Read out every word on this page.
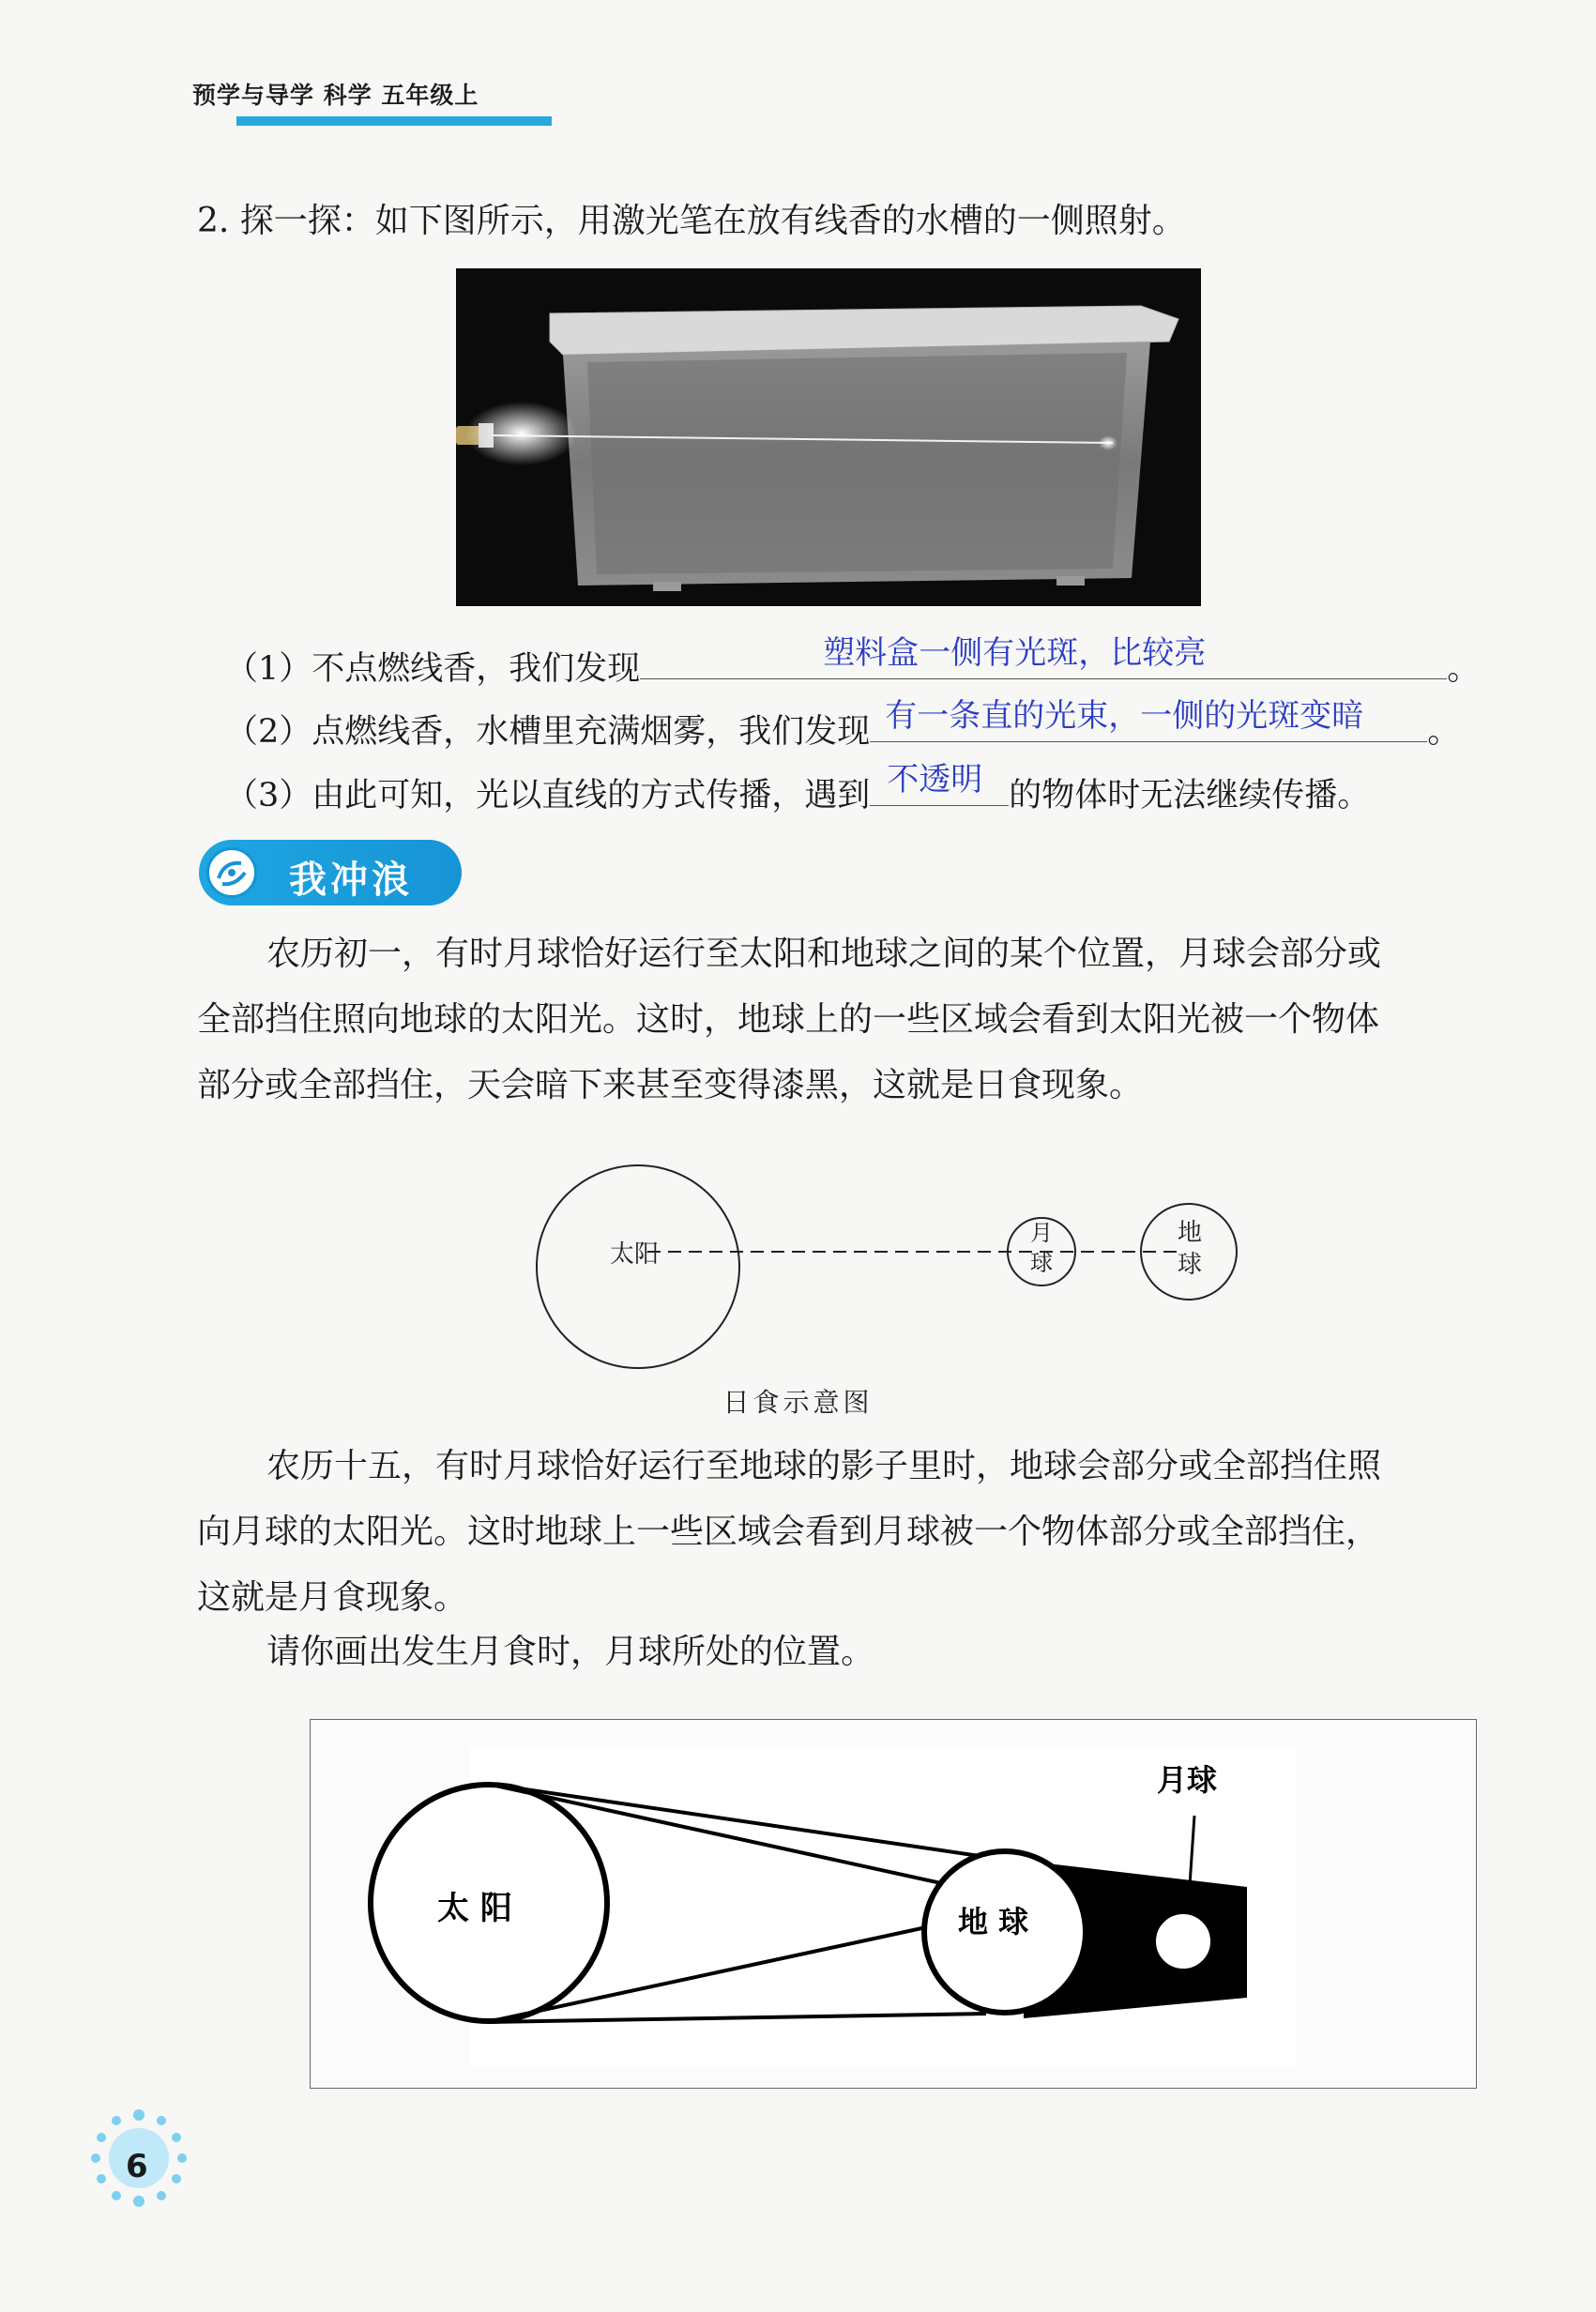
预学与导学 科学 五年级上
2. 探一探：如下图所示，用激光笔在放有线香的水槽的一侧照射。
（1）不点燃线香，我们发现	塑料盒一侧有光斑，比较亮	。
（2）点燃线香，水槽里充满烟雾，我们发现 有一条直的光束，一侧的光斑变暗 。
（3）由此可知，光以直线的方式传播，遇到 不透明 的物体时无法继续传播。
我冲浪
农历初一，有时月球恰好运行至太阳和地球之间的某个位置，月球会部分或
全部挡住照向地球的太阳光。这时，地球上的一些区域会看到太阳光被一个物体
部分或全部挡住，天会暗下来甚至变得漆黑，这就是日食现象。
太阳
月
球
地
球
日食示意图
农历十五，有时月球恰好运行至地球的影子里时，地球会部分或全部挡住照
向月球的太阳光。这时地球上一些区域会看到月球被一个物体部分或全部挡住，
这就是月食现象。
请你画出发生月食时，月球所处的位置。
太 阳	地 球
月球
6
